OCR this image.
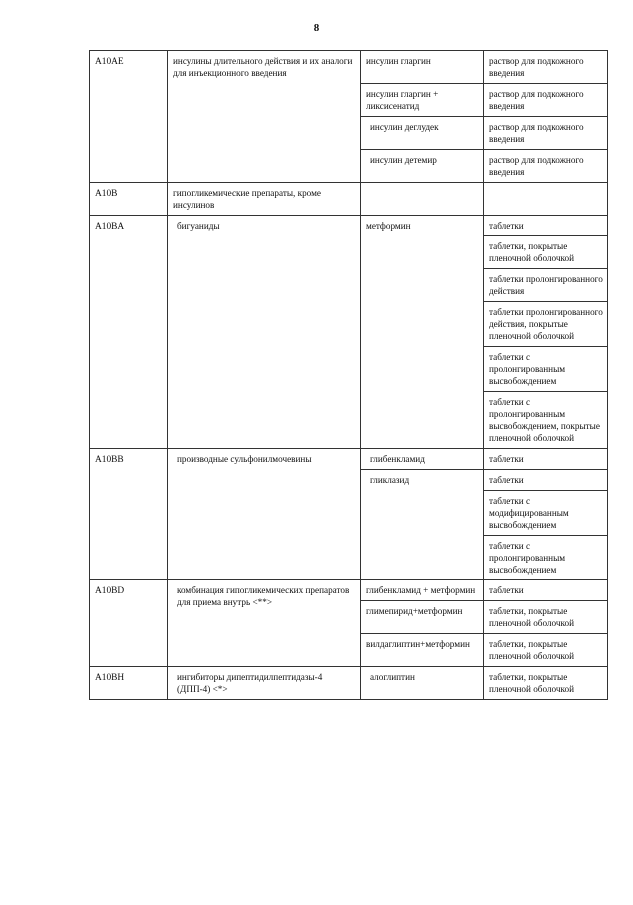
8
A10AE	инсулины длительного действия и их аналоги для инъекционного введения	инсулин гларгин	раствор для подкожного введения
		инсулин гларгин + ликсисенатид	раствор для подкожного введения
		инсулин деглудек	раствор для подкожного введения
		инсулин детемир	раствор для подкожного введения
A10B	гипогликемические препараты, кроме инсулинов		
A10BA	бигуаниды	метформин	таблетки
			таблетки, покрытые пленочной оболочкой
			таблетки пролонгированного действия
			таблетки пролонгированного действия, покрытые пленочной оболочкой
			таблетки с пролонгированным высвобождением
			таблетки с пролонгированным высвобождением, покрытые пленочной оболочкой
A10BB	производные сульфонилмочевины	глибенкламид	таблетки
		гликлазид	таблетки
			таблетки с модифицированным высвобождением
			таблетки с пролонгированным высвобождением
A10BD	комбинация гипогликемических препаратов для приема внутрь <**>	глибенкламид + метформин	таблетки
		глимепирид+метформин	таблетки, покрытые пленочной оболочкой
		вилдаглиптин+метформин	таблетки, покрытые пленочной оболочкой
A10BH	ингибиторы дипептидилпептидазы-4 (ДПП-4) <*>	алоглиптин	таблетки, покрытые пленочной оболочкой
